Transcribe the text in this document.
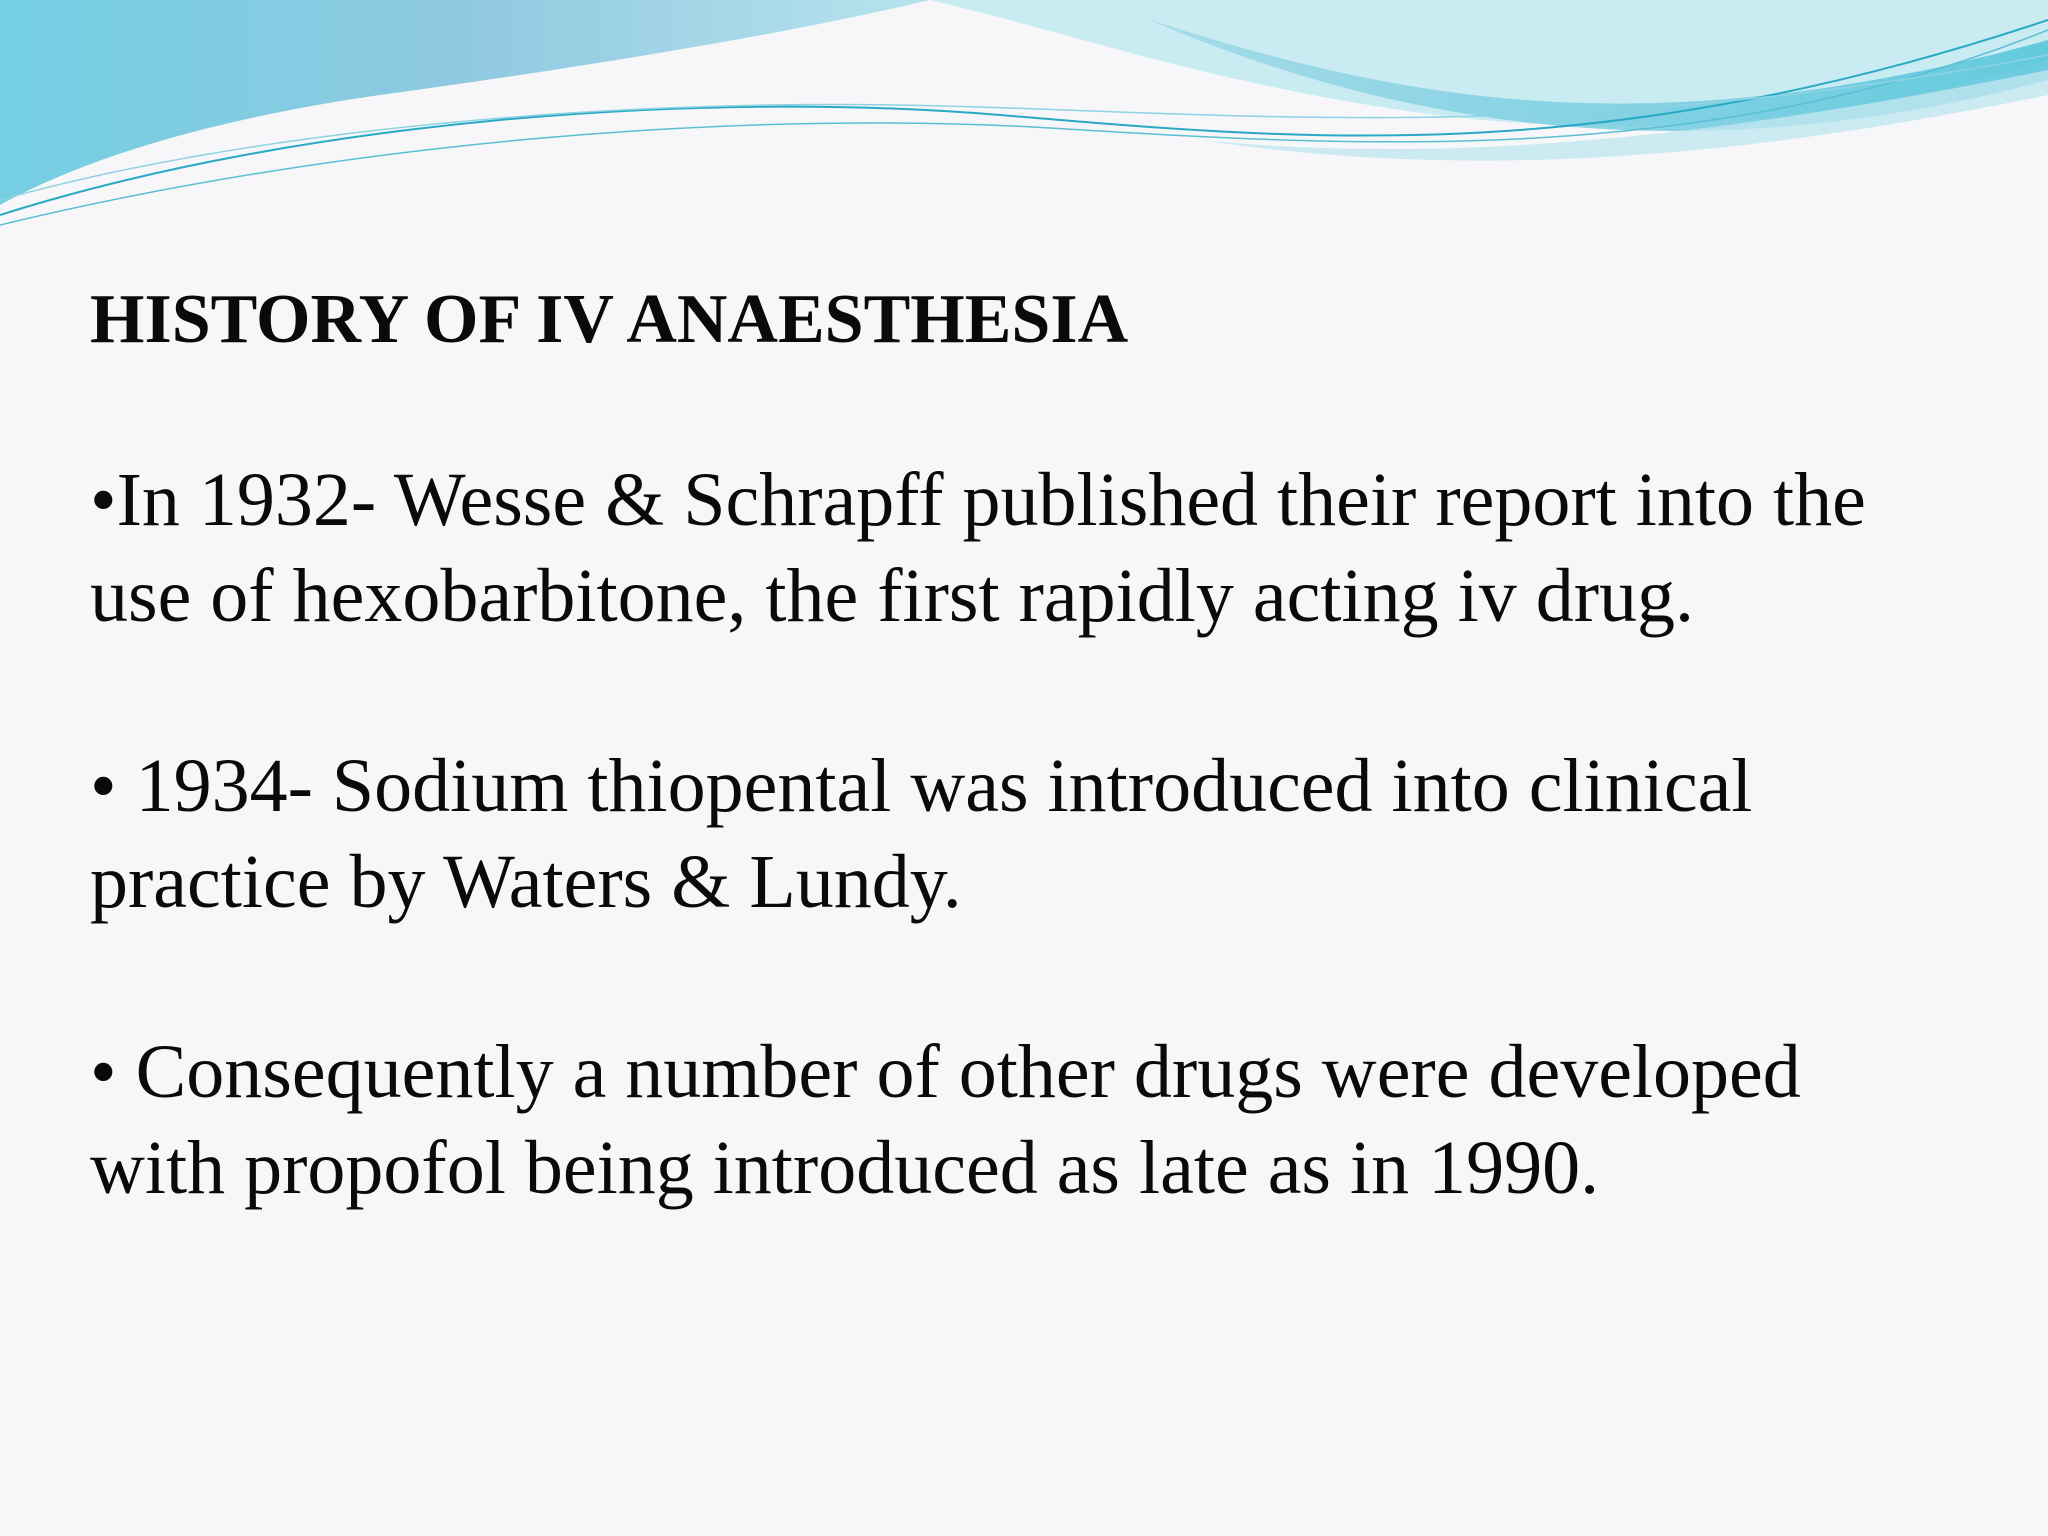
HISTORY OF IV ANAESTHESIA
•In 1932- Wesse & Schrapff published their report into the
use of hexobarbitone, the first rapidly acting iv drug.
• 1934- Sodium thiopental was introduced into clinical
practice by Waters & Lundy.
• Consequently a number of other drugs were developed
with propofol being introduced as late as in 1990.
